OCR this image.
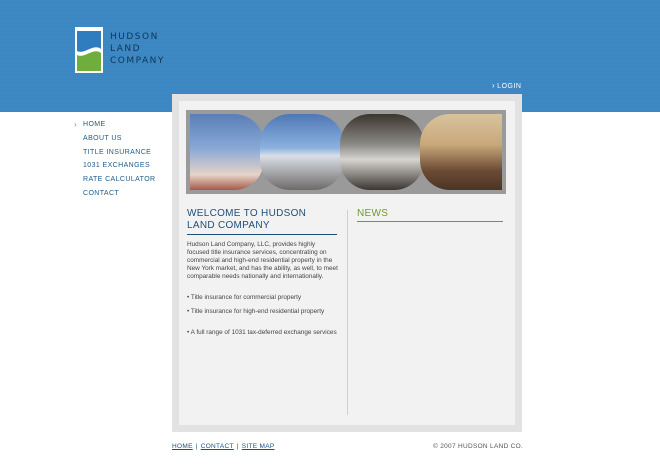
HUDSON
LAND
COMPANY
› LOGIN
› HOME
ABOUT US
TITLE INSURANCE
1031 EXCHANGES
RATE CALCULATOR
CONTACT
WELCOME TO HUDSON
LAND COMPANY
Hudson Land Company, LLC, provides highly focused title insurance services, concentrating on commercial and high-end residential property in the New York market, and has the ability, as well, to meet comparable needs nationally and internationally.
• Title insurance for commercial property
• Title insurance for high-end residential property
• A full range of 1031 tax-deferred exchange services
NEWS
HOME | CONTACT | SITE MAP	© 2007 HUDSON LAND CO.
